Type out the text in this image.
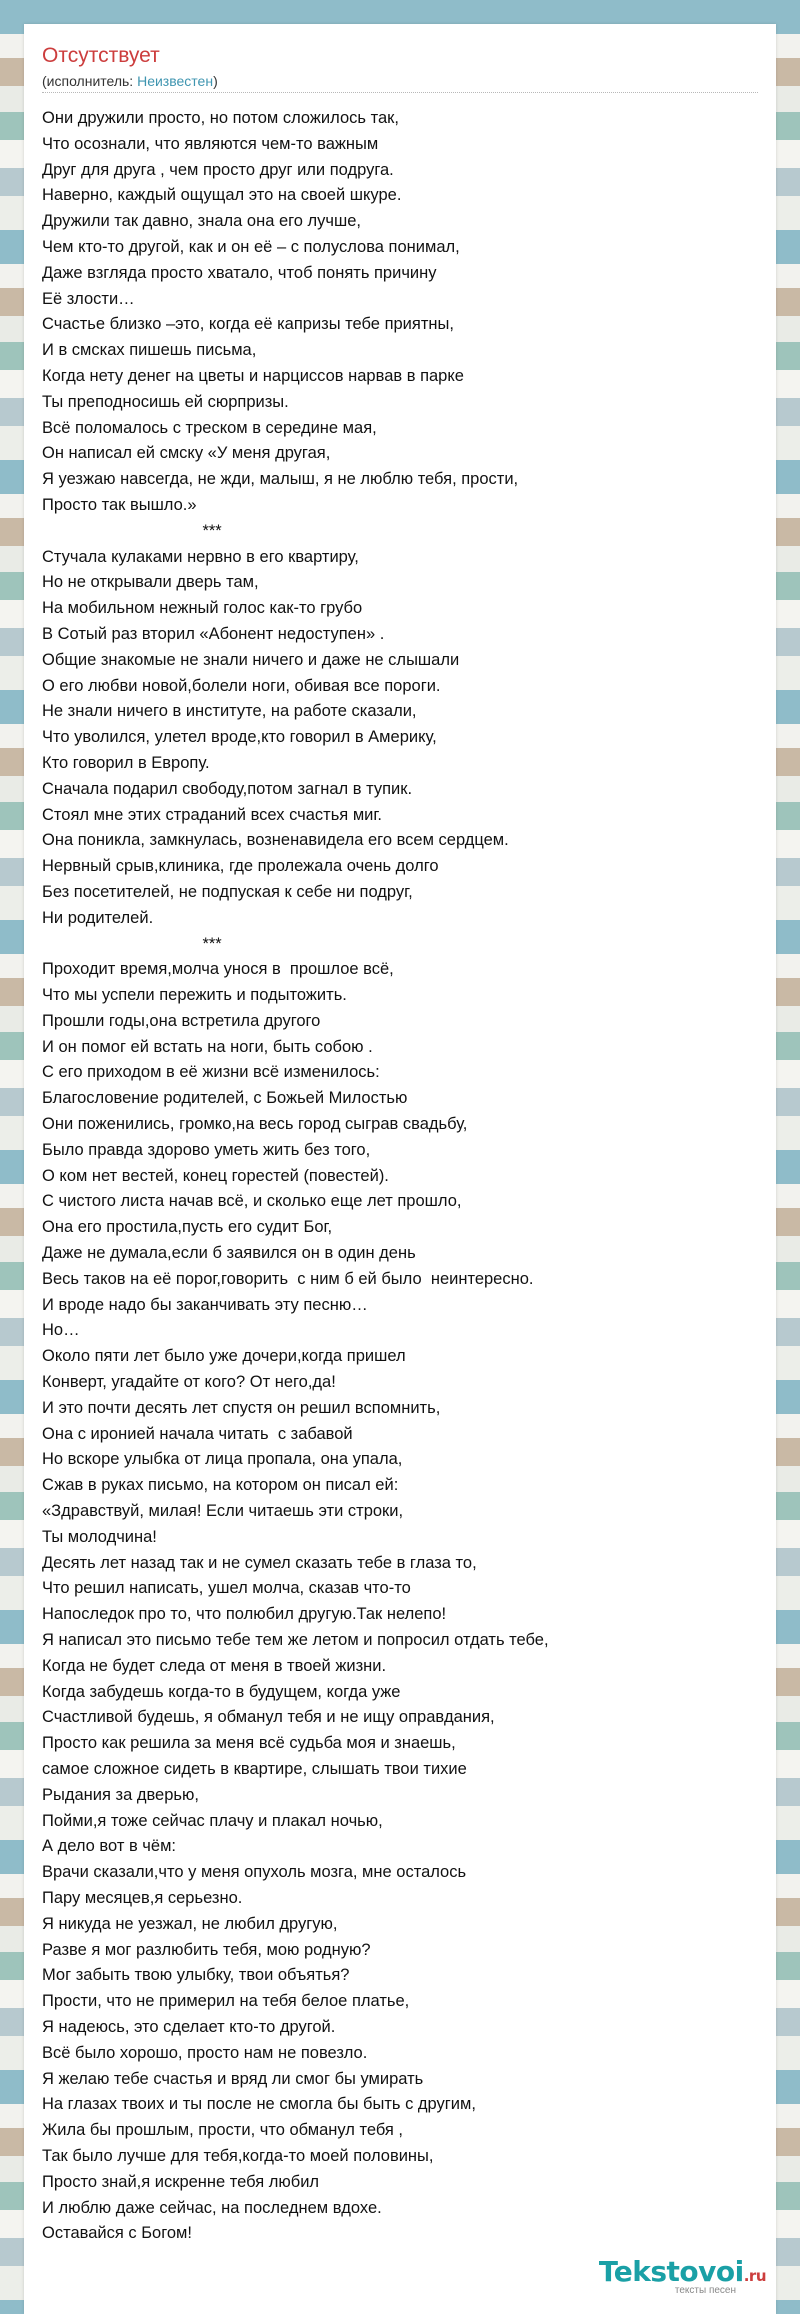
Отсутствует
(исполнитель: Неизвестен)
Они дружили просто, но потом сложилось так,
Что осознали, что являются чем-то важным
Друг для друга , чем просто друг или подруга.
Наверно, каждый ощущал это на своей шкуре.
Дружили так давно, знала она его лучше,
Чем кто-то другой, как и он её – с полуслова понимал,
Даже взгляда просто хватало, чтоб понять причину
Её злости…
Счастье близко –это, когда её капризы тебе приятны,
И в смсках пишешь письма,
Когда нету денег на цветы и нарциссов нарвав в парке
Ты преподносишь ей сюрпризы.
Всё поломалось с треском в середине мая,
Он написал ей смску «У меня другая,
Я уезжаю навсегда, не жди, малыш, я не люблю тебя, прости,
Просто так вышло.»
***
Стучала кулаками нервно в его квартиру,
Но не открывали дверь там,
На мобильном нежный голос как-то грубо
В Сотый раз вторил «Абонент недоступен» .
Общие знакомые не знали ничего и даже не слышали
О его любви новой,болели ноги, обивая все пороги.
Не знали ничего в институте, на работе сказали,
Что уволился, улетел вроде,кто говорил в Америку,
Кто говорил в Европу.
Сначала подарил свободу,потом загнал в тупик.
Стоял мне этих страданий всех счастья миг.
Она поникла, замкнулась, возненавидела его всем сердцем.
Нервный срыв,клиника, где пролежала очень долго
Без посетителей, не подпуская к себе ни подруг,
Ни родителей.
***
Проходит время,молча унося в  прошлое всё,
Что мы успели пережить и подытожить.
Прошли годы,она встретила другого
И он помог ей встать на ноги, быть собою .
С его приходом в её жизни всё изменилось:
Благословение родителей, с Божьей Милостью
Они поженились, громко,на весь город сыграв свадьбу,
Было правда здорово уметь жить без того,
О ком нет вестей, конец горестей (повестей).
С чистого листа начав всё, и сколько еще лет прошло,
Она его простила,пусть его судит Бог,
Даже не думала,если б заявился он в один день
Весь таков на её порог,говорить  с ним б ей было  неинтересно.
И вроде надо бы заканчивать эту песню…
Но…
Около пяти лет было уже дочери,когда пришел
Конверт, угадайте от кого? От него,да!
И это почти десять лет спустя он решил вспомнить,
Она с иронией начала читать  с забавой
Но вскоре улыбка от лица пропала, она упала,
Сжав в руках письмо, на котором он писал ей:
«Здравствуй, милая! Если читаешь эти строки,
Ты молодчина!
Десять лет назад так и не сумел сказать тебе в глаза то,
Что решил написать, ушел молча, сказав что-то
Напоследок про то, что полюбил другую.Так нелепо!
Я написал это письмо тебе тем же летом и попросил отдать тебе,
Когда не будет следа от меня в твоей жизни.
Когда забудешь когда-то в будущем, когда уже
Счастливой будешь, я обманул тебя и не ищу оправдания,
Просто как решила за меня всё судьба моя и знаешь,
самое сложное сидеть в квартире, слышать твои тихие
Рыдания за дверью,
Пойми,я тоже сейчас плачу и плакал ночью,
А дело вот в чём:
Врачи сказали,что у меня опухоль мозга, мне осталось
Пару месяцев,я серьезно.
Я никуда не уезжал, не любил другую,
Разве я мог разлюбить тебя, мою родную?
Мог забыть твою улыбку, твои объятья?
Прости, что не примерил на тебя белое платье,
Я надеюсь, это сделает кто-то другой.
Всё было хорошо, просто нам не повезло.
Я желаю тебе счастья и вряд ли смог бы умирать
На глазах твоих и ты после не смогла бы быть с другим,
Жила бы прошлым, прости, что обманул тебя ,
Так было лучше для тебя,когда-то моей половины,
Просто знай,я искренне тебя любил
И люблю даже сейчас, на последнем вдохе.
Оставайся с Богом!
Tekstovoi.ru
тексты песен
